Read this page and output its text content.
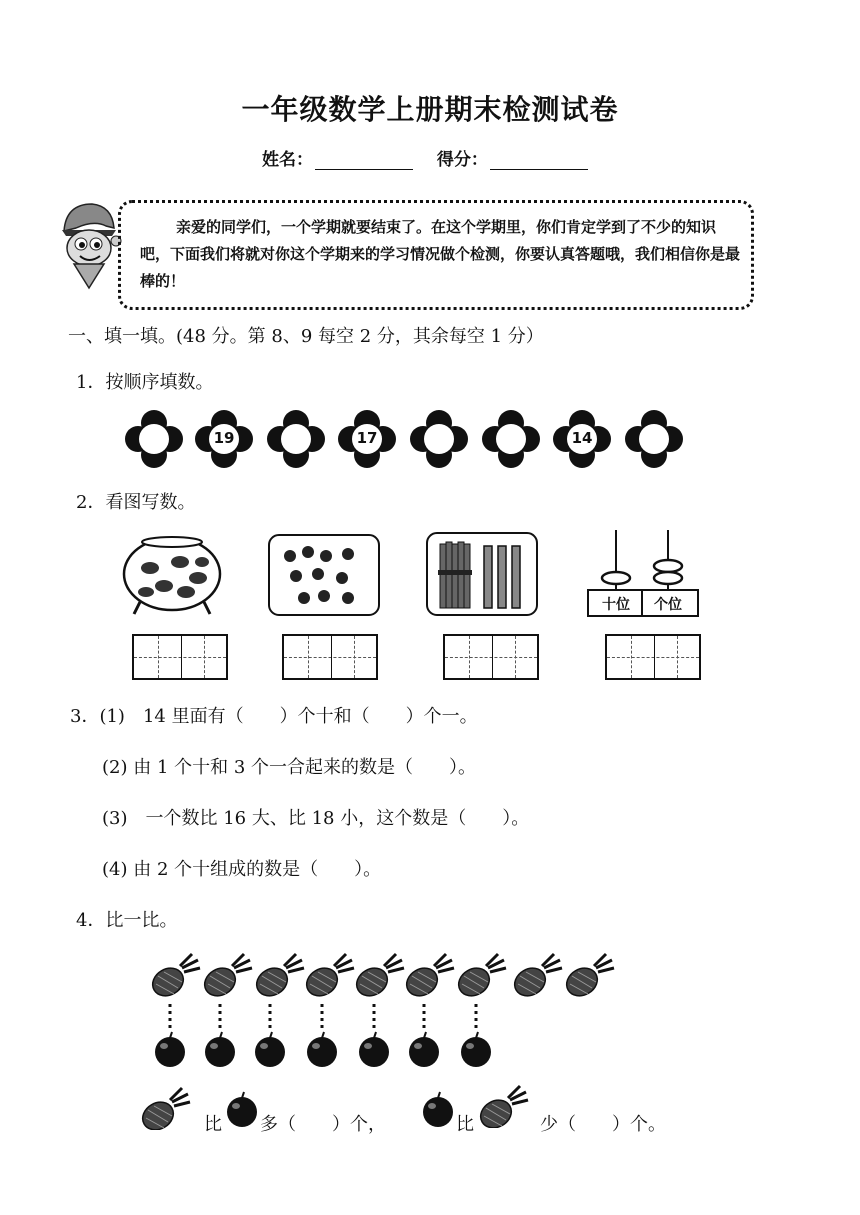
一年级数学上册期末检测试卷
姓名：	得分：
亲爱的同学们，一个学期就要结束了。在这个学期里，你们肯定学到了不少的知识吧，下面我们将就对你这个学期来的学习情况做个检测，你要认真答题哦，我们相信你是最棒的！
一、填一填。(48 分。第 8、9 每空 2 分，其余每空 1 分）
1．按顺序填数。
19	17	14
2．看图写数。
十位	个位
3．(1)　14 里面有（　　）个十和（　　）个一。
(2) 由 1 个十和 3 个一合起来的数是（　　）。
(3)　一个数比 16 大、比 18 小，这个数是（　　）。
(4) 由 2 个十组成的数是（　　）。
4．比一比。
比 多（　　）个，	比	少（　　）个。
